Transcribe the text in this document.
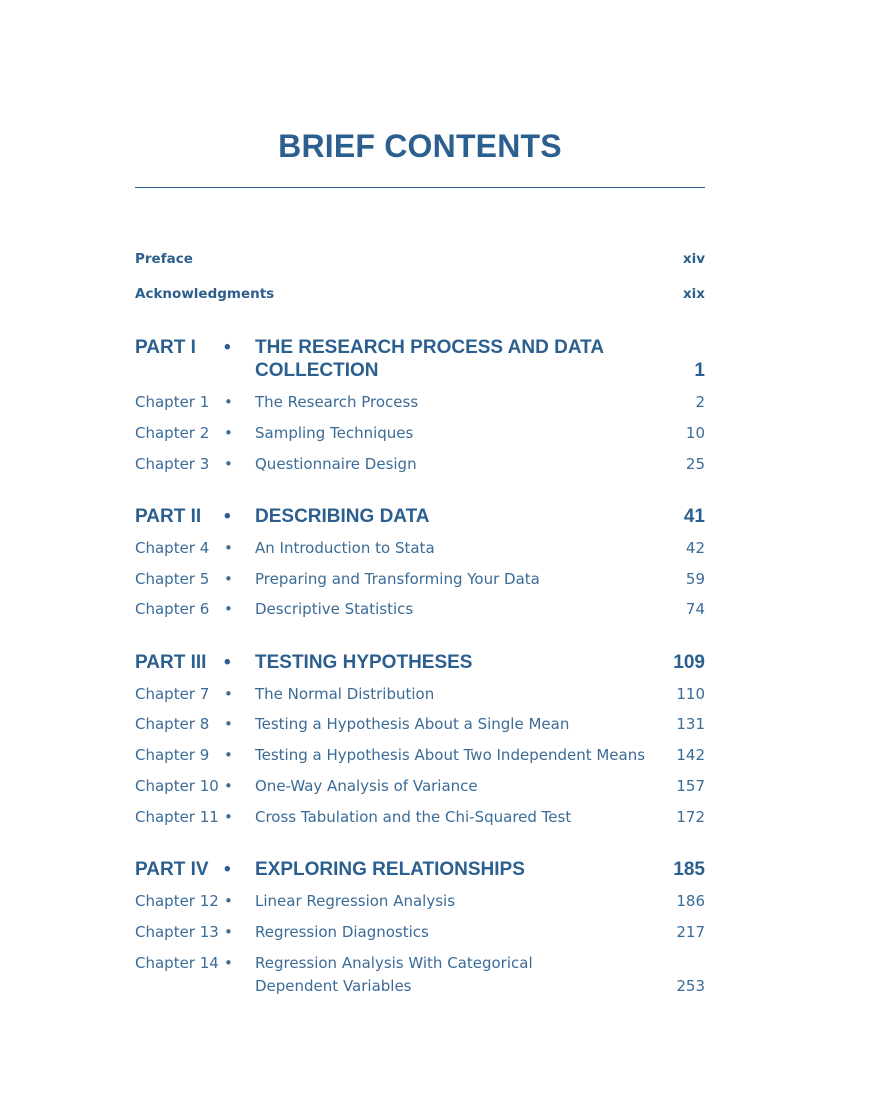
BRIEF CONTENTS
Preface	xiv
Acknowledgments	xix
PART I • THE RESEARCH PROCESS AND DATA
COLLECTION	1
Chapter 1 • The Research Process	2
Chapter 2 • Sampling Techniques	10
Chapter 3 • Questionnaire Design	25
PART II • DESCRIBING DATA	41
Chapter 4 • An Introduction to Stata	42
Chapter 5 • Preparing and Transforming Your Data	59
Chapter 6 • Descriptive Statistics	74
PART III • TESTING HYPOTHESES	109
Chapter 7 • The Normal Distribution	110
Chapter 8 • Testing a Hypothesis About a Single Mean	131
Chapter 9 • Testing a Hypothesis About Two Independent Means	142
Chapter 10 • One-Way Analysis of Variance	157
Chapter 11 • Cross Tabulation and the Chi-Squared Test	172
PART IV • EXPLORING RELATIONSHIPS	185
Chapter 12 • Linear Regression Analysis	186
Chapter 13 • Regression Diagnostics	217
Chapter 14 • Regression Analysis With Categorical
Dependent Variables	253
